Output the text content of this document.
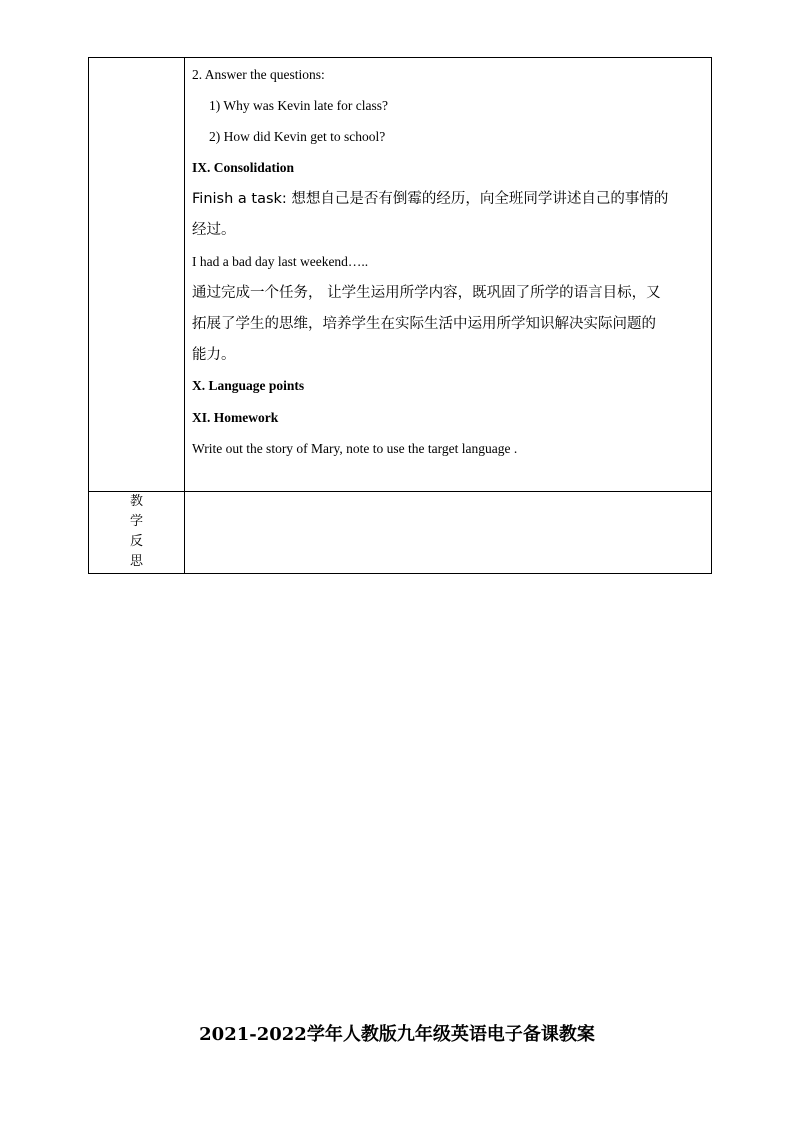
2. Answer the questions:
1) Why was Kevin late for class?
2) How did Kevin get to school?
IX. Consolidation
Finish a task: 想想自己是否有倒霉的经历，向全班同学讲述自己的事情的
经过。
I had a bad day last weekend…..
通过完成一个任务， 让学生运用所学内容，既巩固了所学的语言目标，又
拓展了学生的思维，培养学生在实际生活中运用所学知识解决实际问题的
能力。
X. Language points
XI. Homework
Write out the story of Mary, note to use the target language .
教
学
反
思
2021-2022学年人教版九年级英语电子备课教案
